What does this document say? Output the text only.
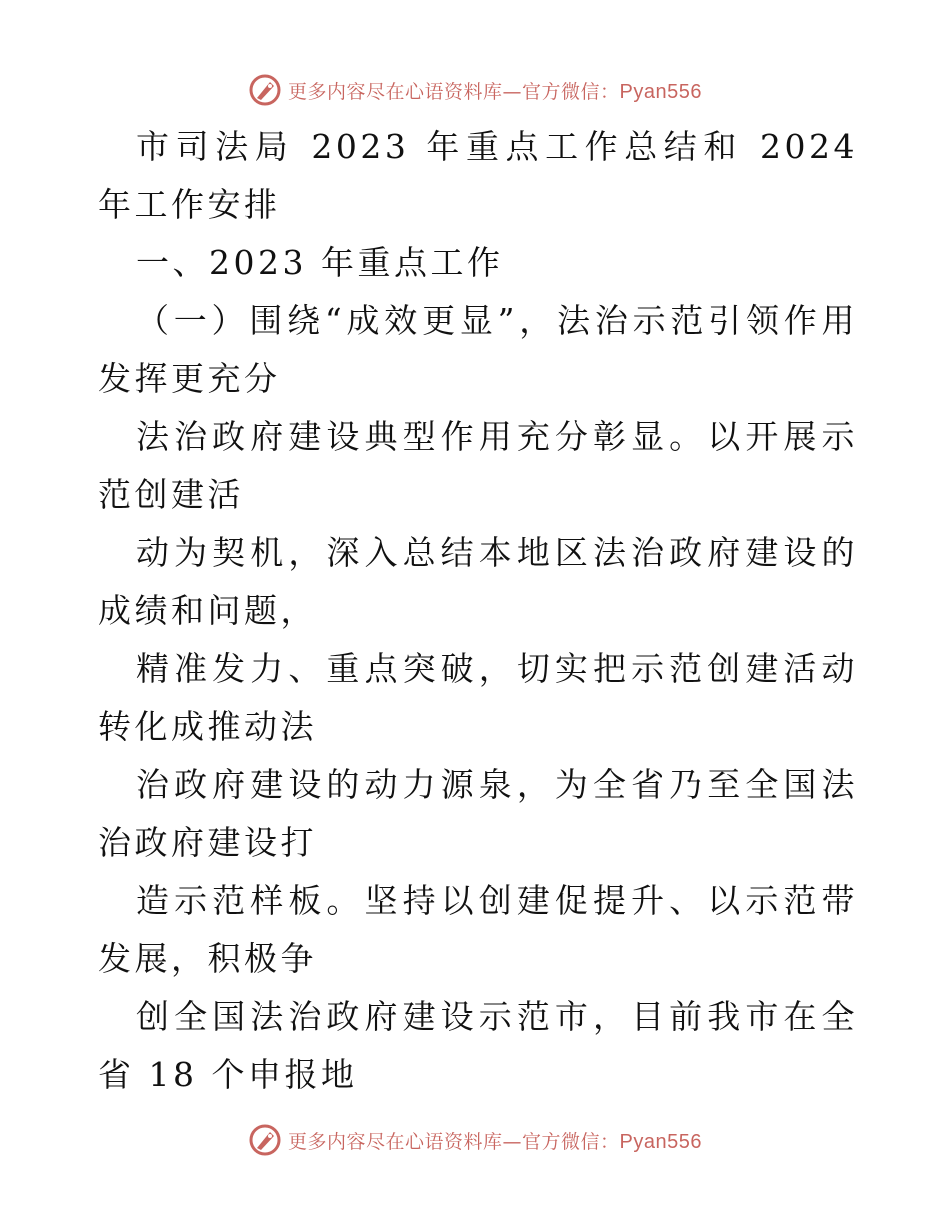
更多内容尽在心语资料库—官方微信：Pyan556

市司法局 2023 年重点工作总结和 2024 年工作安排

一、2023 年重点工作

（一）围绕“成效更显”，法治示范引领作用发挥更充分

法治政府建设典型作用充分彰显。以开展示范创建活

动为契机，深入总结本地区法治政府建设的成绩和问题，

精准发力、重点突破，切实把示范创建活动转化成推动法

治政府建设的动力源泉，为全省乃至全国法治政府建设打

造示范样板。坚持以创建促提升、以示范带发展，积极争

创全国法治政府建设示范市，目前我市在全省 18 个申报地

更多内容尽在心语资料库—官方微信：Pyan556
